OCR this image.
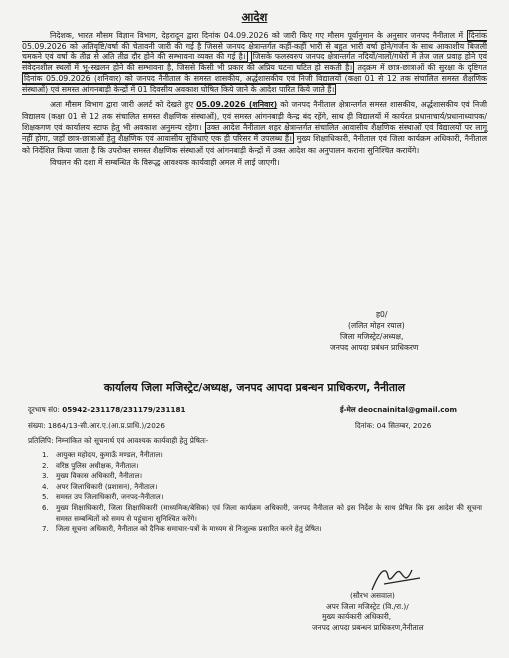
आदेश

निदेशक, भारत मौसम विज्ञान विभाग, देहरादून द्वारा दिनांक 04.09.2026 को जारी किए गए मौसम पूर्वानुमान के अनुसार जनपद नैनीताल में दिनांक 05.09.2026 को अतिवृष्टि/वर्षा की चेतावनी जारी की गई है जिससे जनपद क्षेत्रान्तर्गत कहीं-कहीं भारी से बहुत भारी वर्षा होने/गर्जन के साथ आकाशीय बिजली चमकने एवं वर्षा के तीव्र से अति तीव्र दौर होने की सम्भावना व्यक्त की गई है। जिसके फलस्वरुप जनपद क्षेत्रान्तर्गत नदियों/नालों/गधेरों में तेज जल प्रवाह होने एवं संवेदनशील स्थलों में भू-स्खलन होने की सम्भावना है, जिससे किसी भी प्रकार की अप्रिय घटना घटित हो सकती है। तद्क्रम में छात्र-छात्राओं की सुरक्षा के दृष्टिगत दिनांक 05.09.2026 (शनिवार) को जनपद नैनीताल के समस्त शासकीय, अर्द्धशासकीय एवं निजी विद्यालयों (कक्षा 01 से 12 तक संचालित समस्त शैक्षणिक संस्थाओं) एवं समस्त आंगनबाड़ी केन्द्रों में 01 दिवसीय अवकाश घोषित किये जाने के आदेश पारित किये जाते हैं।

अतः मौसम विभाग द्वारा जारी अलर्ट को देखते हुए 05.09.2026 (शनिवार) को जनपद नैनीताल क्षेत्रान्तर्गत समस्त शासकीय, अर्द्धशासकीय एवं निजी विद्यालय (कक्षा 01 से 12 तक संचालित समस्त शैक्षणिक संस्थाओं), एवं समस्त आंगनबाड़ी केन्द्र बंद रहेंगे, साथ ही विद्यालयों में कार्यरत प्रधानाचार्य/प्रधानाध्यापक/शिक्षकगण एवं कार्यालय स्टाफ हेतु भी अवकाश अनुमन्य रहेगा। उक्त आदेश नैनीताल शहर क्षेत्रान्तर्गत संचालित आवासीय शैक्षणिक संस्थाओं एवं विद्यालयों पर लागू नहीं होगा, जहाँ छात्र-छात्राओं हेतु शैक्षणिक एवं आवासीय सुविधाएं एक ही परिसर में उपलब्ध हैं। मुख्य शिक्षाधिकारी, नैनीताल एवं जिला कार्यक्रम अधिकारी, नैनीताल को निर्देशित किया जाता है कि उपरोक्त समस्त शैक्षणिक संस्थाओं एवं आंगनबाड़ी केन्द्रों में उक्त आदेश का अनुपालन कराना सुनिश्चित करायेंगे।

विचलन की दशा में सम्बन्धित के विरूद्ध आवश्यक कार्यवाही अमल में लाई जाएगी।

ह0/
(ललित मोहन रयाल)
जिला मजिस्ट्रेट/अध्यक्ष,
जनपद आपदा प्रबंधन प्राधिकरण
कार्यालय जिला मजिस्ट्रेट/अध्यक्ष, जनपद आपदा प्रबन्धन प्राधिकरण, नैनीताल
दूरभाष सं0: 05942-231178/231179/231181	ई-मेल deocnainital@gmail.com
संख्या: 1864/13-सी.आर.ए.(आ.प्र.प्राधि.)/2026	दिनांक: 04 सितम्बर, 2026
प्रतिलिपि: निम्नांकित को सूचनार्थ एवं आवश्यक कार्यवाही हेतु प्रेषितः-
1.	आयुक्त महोदय, कुमाऊँ मण्डल, नैनीताल।
2.	वरिष्ठ पुलिस अधीक्षक, नैनीताल।
3.	मुख्य विकास अधिकारी, नैनीताल।
4.	अपर जिलाधिकारी (प्रशासन), नैनीताल।
5.	समस्त उप जिलाधिकारी, जनपद-नैनीताल।
6.	मुख्य शिक्षाधिकारी, जिला शिक्षाधिकारी (माध्यमिक/बेसिक) एवं जिला कार्यक्रम अधिकारी, जनपद नैनीताल को इस निर्देश के साथ प्रेषित कि इस आदेश की सूचना समस्त सम्बन्धितों को समय से पहुंचाना सुनिश्चित करेंगे।
7.	जिला सूचना अधिकारी, नैनीताल को दैनिक समाचार-पत्रों के माध्यम से निःशुल्क प्रसारित करने हेतु प्रेषित।
(सौरभ असवाल)
अपर जिला मजिस्ट्रेट (वि./रा.)/
मुख्य कार्यकारी अधिकारी,
जनपद आपदा प्रबन्धन प्राधिकरण,नैनीताल
